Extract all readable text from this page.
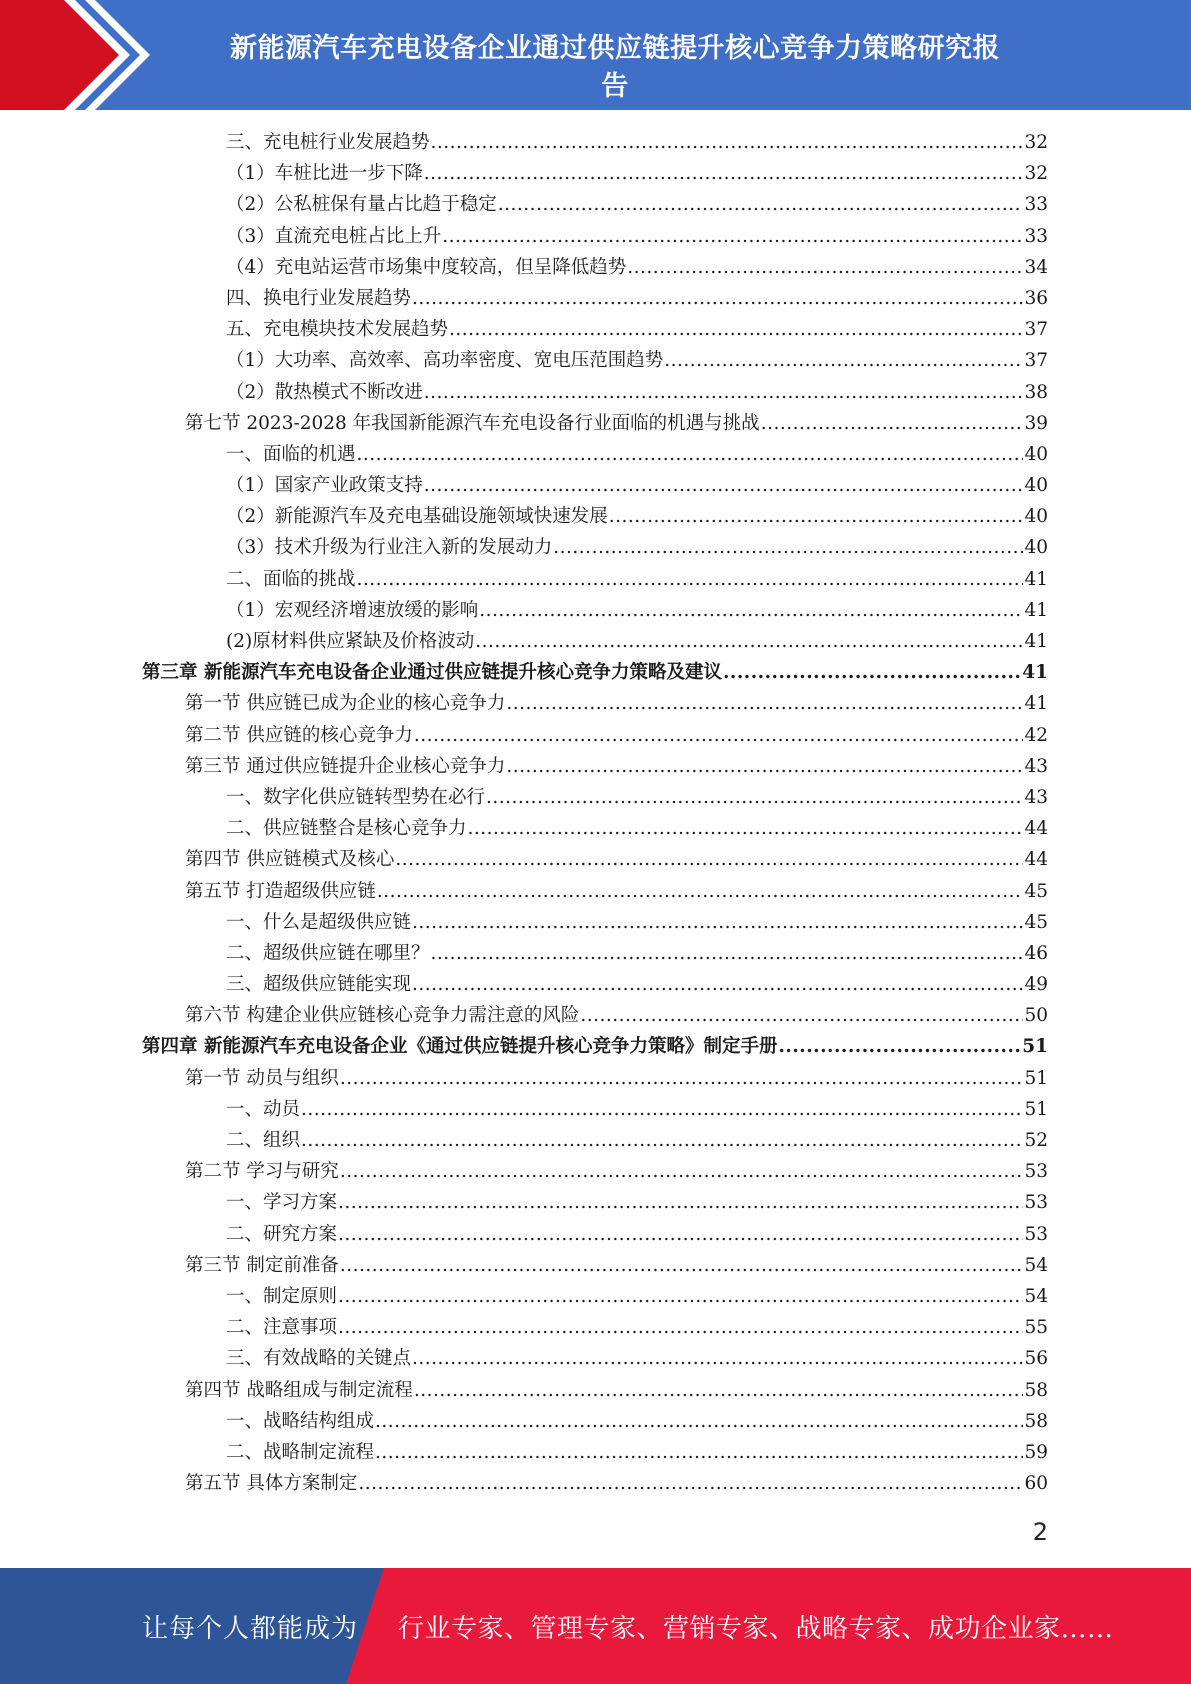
新能源汽车充电设备企业通过供应链提升核心竞争力策略研究报
告
三、充电桩行业发展趋势 .....	32
（1）车桩比进一步下降 .....	32
（2）公私桩保有量占比趋于稳定 .....	33
（3）直流充电桩占比上升 .....	33
（4）充电站运营市场集中度较高，但呈降低趋势 .....	34
四、换电行业发展趋势 .....	36
五、充电模块技术发展趋势 .....	37
（1）大功率、高效率、高功率密度、宽电压范围趋势 .....	37
（2）散热模式不断改进 .....	38
第七节 2023-2028 年我国新能源汽车充电设备行业面临的机遇与挑战 .....	39
一、面临的机遇 .....	40
（1）国家产业政策支持 .....	40
（2）新能源汽车及充电基础设施领域快速发展 .....	40
（3）技术升级为行业注入新的发展动力 .....	40
二、面临的挑战 .....	41
（1）宏观经济增速放缓的影响 .....	41
(2)原材料供应紧缺及价格波动 .....	41
第三章 新能源汽车充电设备企业通过供应链提升核心竞争力策略及建议 .....	41
第一节 供应链已成为企业的核心竞争力 .....	41
第二节 供应链的核心竞争力 .....	42
第三节 通过供应链提升企业核心竞争力 .....	43
一、数字化供应链转型势在必行 .....	43
二、供应链整合是核心竞争力 .....	44
第四节 供应链模式及核心 .....	44
第五节 打造超级供应链 .....	45
一、什么是超级供应链 .....	45
二、超级供应链在哪里？ .....	46
三、超级供应链能实现 .....	49
第六节 构建企业供应链核心竞争力需注意的风险 .....	50
第四章 新能源汽车充电设备企业《通过供应链提升核心竞争力策略》制定手册 .....	51
第一节 动员与组织 .....	51
一、动员 .....	51
二、组织 .....	52
第二节 学习与研究 .....	53
一、学习方案 .....	53
二、研究方案 .....	53
第三节 制定前准备 .....	54
一、制定原则 .....	54
二、注意事项 .....	55
三、有效战略的关键点 .....	56
第四节 战略组成与制定流程 .....	58
一、战略结构组成 .....	58
二、战略制定流程 .....	59
第五节 具体方案制定 .....	60
2
让每个人都能成为 行业专家、管理专家、营销专家、战略专家、成功企业家……
